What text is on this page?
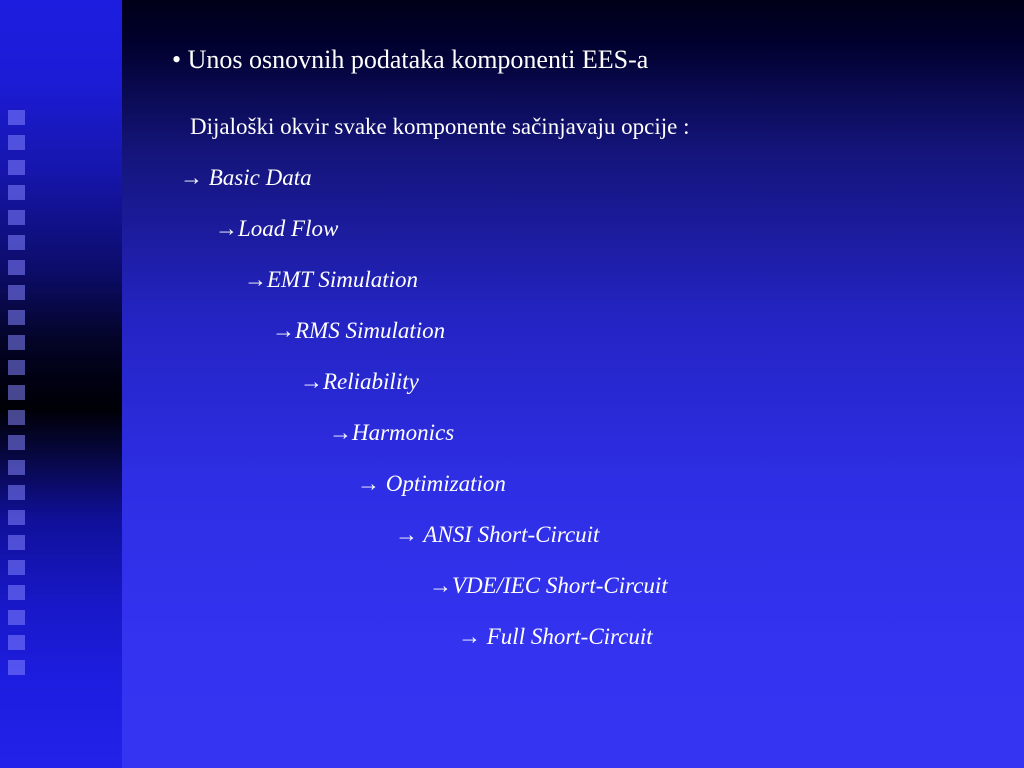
• Unos osnovnih podataka komponenti EES-a
Dijaloški okvir svake komponente sačinjavaju opcije :
→ Basic Data
→Load Flow
→EMT Simulation
→RMS Simulation
→Reliability
→Harmonics
→ Optimization
→ ANSI Short-Circuit
→VDE/IEC Short-Circuit
→ Full Short-Circuit
